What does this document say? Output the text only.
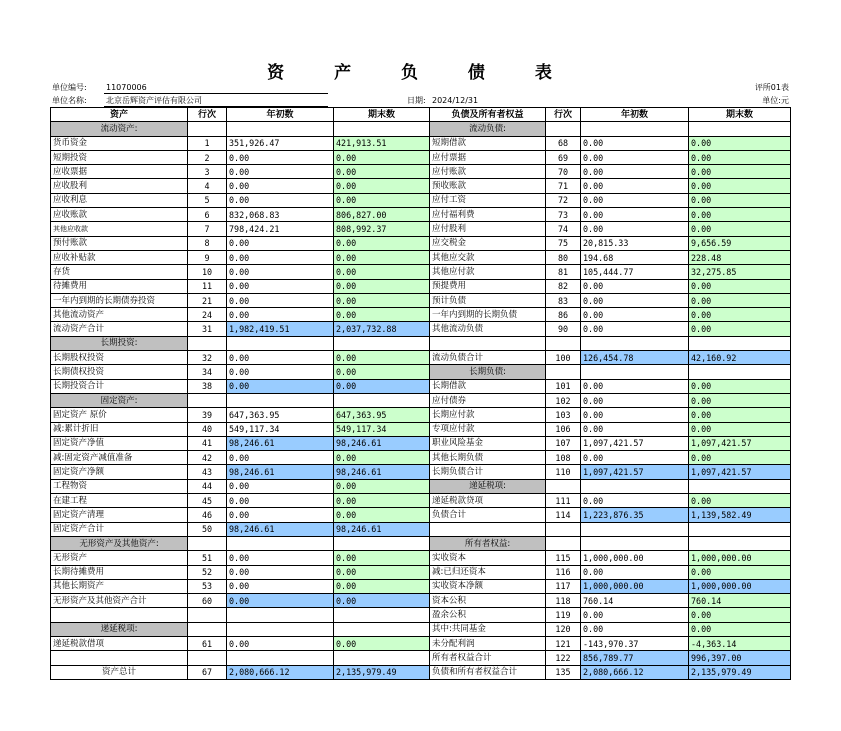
资 产 负 债 表
单位编号: 11070006	评所01表
单位名称: 北京岳辉资产评估有限公司	日期: 2024/12/31	单位:元
资产	行次	年初数	期末数	负债及所有者权益	行次	年初数	期末数
流动资产:				流动负债:			
货币资金	1	351,926.47	421,913.51	短期借款	68	0.00	0.00
短期投资	2	0.00	0.00	应付票据	69	0.00	0.00
应收票据	3	0.00	0.00	应付账款	70	0.00	0.00
应收股利	4	0.00	0.00	预收账款	71	0.00	0.00
应收利息	5	0.00	0.00	应付工资	72	0.00	0.00
应收账款	6	832,068.83	806,827.00	应付福利费	73	0.00	0.00
其他应收款	7	798,424.21	808,992.37	应付股利	74	0.00	0.00
预付账款	8	0.00	0.00	应交税金	75	20,815.33	9,656.59
应收补贴款	9	0.00	0.00	其他应交款	80	194.68	228.48
存货	10	0.00	0.00	其他应付款	81	105,444.77	32,275.85
待摊费用	11	0.00	0.00	预提费用	82	0.00	0.00
一年内到期的长期债券投资	21	0.00	0.00	预计负债	83	0.00	0.00
其他流动资产	24	0.00	0.00	一年内到期的长期负债	86	0.00	0.00
流动资产合计	31	1,982,419.51	2,037,732.88	其他流动负债	90	0.00	0.00
长期投资:							
长期股权投资	32	0.00	0.00	流动负债合计	100	126,454.78	42,160.92
长期债权投资	34	0.00	0.00	长期负债:			
长期投资合计	38	0.00	0.00	长期借款	101	0.00	0.00
固定资产:				应付债券	102	0.00	0.00
固定资产 原价	39	647,363.95	647,363.95	长期应付款	103	0.00	0.00
减:累计折旧	40	549,117.34	549,117.34	专项应付款	106	0.00	0.00
固定资产净值	41	98,246.61	98,246.61	职业风险基金	107	1,097,421.57	1,097,421.57
减:固定资产减值准备	42	0.00	0.00	其他长期负债	108	0.00	0.00
固定资产净额	43	98,246.61	98,246.61	长期负债合计	110	1,097,421.57	1,097,421.57
工程物资	44	0.00	0.00	递延税项:			
在建工程	45	0.00	0.00	递延税款贷项	111	0.00	0.00
固定资产清理	46	0.00	0.00	负债合计	114	1,223,876.35	1,139,582.49
固定资产合计	50	98,246.61	98,246.61				
无形资产及其他资产:				所有者权益:			
无形资产	51	0.00	0.00	实收资本	115	1,000,000.00	1,000,000.00
长期待摊费用	52	0.00	0.00	减:已归还资本	116	0.00	0.00
其他长期资产	53	0.00	0.00	实收资本净额	117	1,000,000.00	1,000,000.00
无形资产及其他资产合计	60	0.00	0.00	资本公积	118	760.14	760.14
				盈余公积	119	0.00	0.00
递延税项:				其中:共同基金	120	0.00	0.00
递延税款借项	61	0.00	0.00	未分配利润	121	-143,970.37	-4,363.14
				所有者权益合计	122	856,789.77	996,397.00
资产总计	67	2,080,666.12	2,135,979.49	负债和所有者权益合计	135	2,080,666.12	2,135,979.49
